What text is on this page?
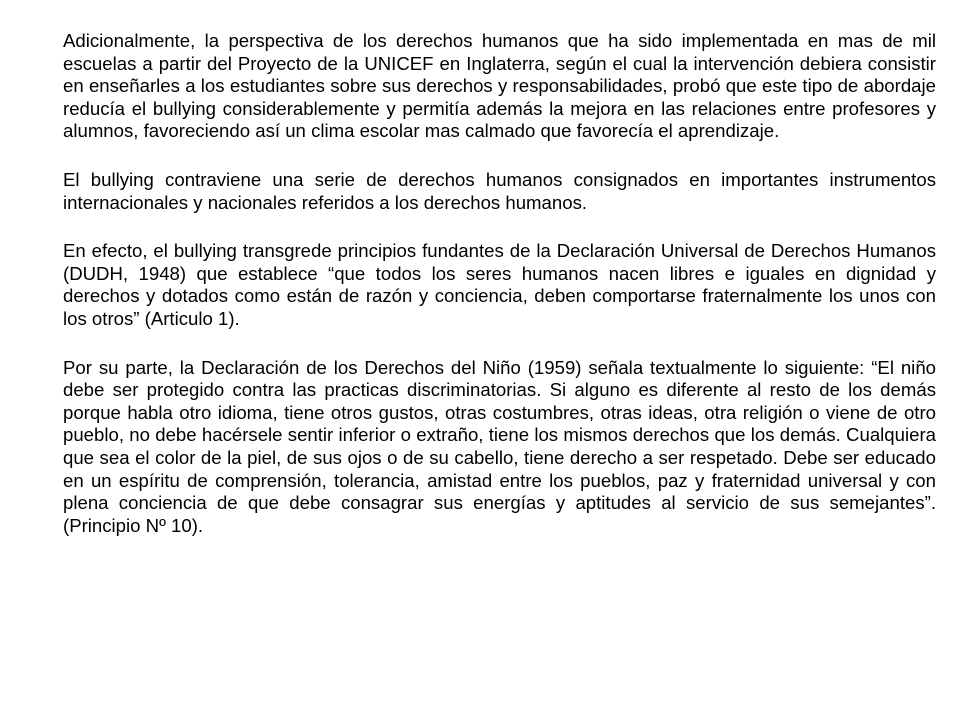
Adicionalmente, la perspectiva de los derechos humanos que ha sido implementada en mas de mil escuelas a partir del Proyecto de la UNICEF en Inglaterra, según el cual la intervención debiera consistir en enseñarles a los estudiantes sobre sus derechos y responsabilidades, probó que este tipo de abordaje reducía el bullying considerablemente y permitía además la mejora en las relaciones entre profesores y alumnos, favoreciendo así un clima escolar mas calmado que favorecía el aprendizaje.

El bullying contraviene una serie de derechos humanos consignados en importantes instrumentos internacionales y nacionales referidos a los derechos humanos.

En efecto, el bullying transgrede principios fundantes de la Declaración Universal de Derechos Humanos (DUDH, 1948) que establece “que todos los seres humanos nacen libres e iguales en dignidad y derechos y dotados como están de razón y conciencia, deben comportarse fraternalmente los unos con los otros” (Articulo 1).

Por su parte, la Declaración de los Derechos del Niño (1959) señala textualmente lo siguiente: “El niño debe ser protegido contra las practicas discriminatorias. Si alguno es diferente al resto de los demás porque habla otro idioma, tiene otros gustos, otras costumbres, otras ideas, otra religión o viene de otro pueblo, no debe hacérsele sentir inferior o extraño, tiene los mismos derechos que los demás. Cualquiera que sea el color de la piel, de sus ojos o de su cabello, tiene derecho a ser respetado. Debe ser educado en un espíritu de comprensión, tolerancia, amistad entre los pueblos, paz y fraternidad universal y con plena conciencia de que debe consagrar sus energías y aptitudes al servicio de sus semejantes”. (Principio Nº 10).
